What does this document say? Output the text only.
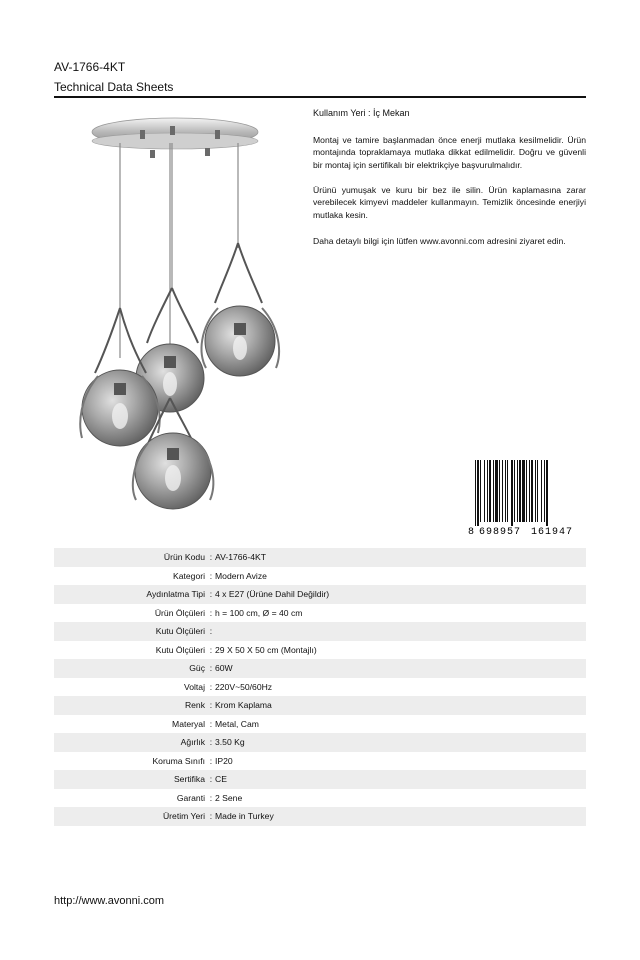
AV-1766-4KT
Technical Data Sheets
Kullanım Yeri : İç Mekan

Montaj ve tamire başlanmadan önce enerji mutlaka kesilmelidir. Ürün montajında topraklamaya mutlaka dikkat edilmelidir. Doğru ve güvenli bir montaj için sertifikalı bir elektrikçiye başvurulmalıdır.

Ürünü yumuşak ve kuru bir bez ile silin. Ürün kaplamasına zarar verebilecek kimyevi maddeler kullanmayın. Temizlik öncesinde enerjiyi mutlaka kesin.

Daha detaylı bilgi için lütfen www.avonni.com adresini ziyaret edin.

8 698957 161947
Ürün Kodu : AV-1766-4KT
Kategori : Modern Avize
Aydınlatma Tipi : 4 x E27 (Ürüne Dahil Değildir)
Ürün Ölçüleri : h = 100 cm, Ø = 40 cm
Kutu Ölçüleri :
Kutu Ölçüleri : 29 X 50 X 50 cm (Montajlı)
Güç : 60W
Voltaj : 220V~50/60Hz
Renk : Krom Kaplama
Materyal : Metal, Cam
Ağırlık : 3.50 Kg
Koruma Sınıfı : IP20
Sertifika : CE
Garanti : 2 Sene
Üretim Yeri : Made in Turkey
http://www.avonni.com
